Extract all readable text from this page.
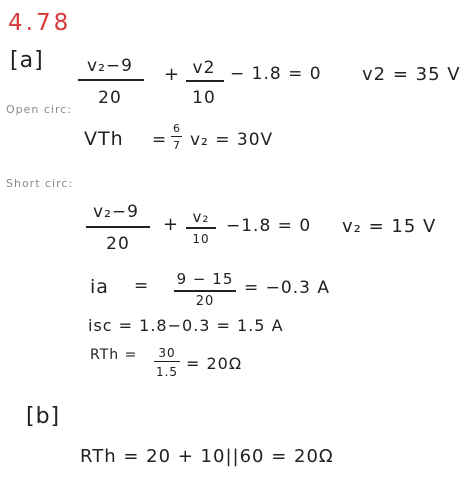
4.78
[a]	v₂−9
20
+ v2
10
− 1.8 = 0 v2 = 35 V
Open circ:
VTh =
6
7 v₂ = 30V
Short circ:
v₂−9
20
+ v₂
10
−1.8 = 0 v₂ = 15 V
ia =	9 − 15
20
= −0.3 A
isc = 1.8−0.3 = 1.5 A
RTh =	30
1.5 = 20Ω
[b]
RTh = 20 + 10||60 = 20Ω
